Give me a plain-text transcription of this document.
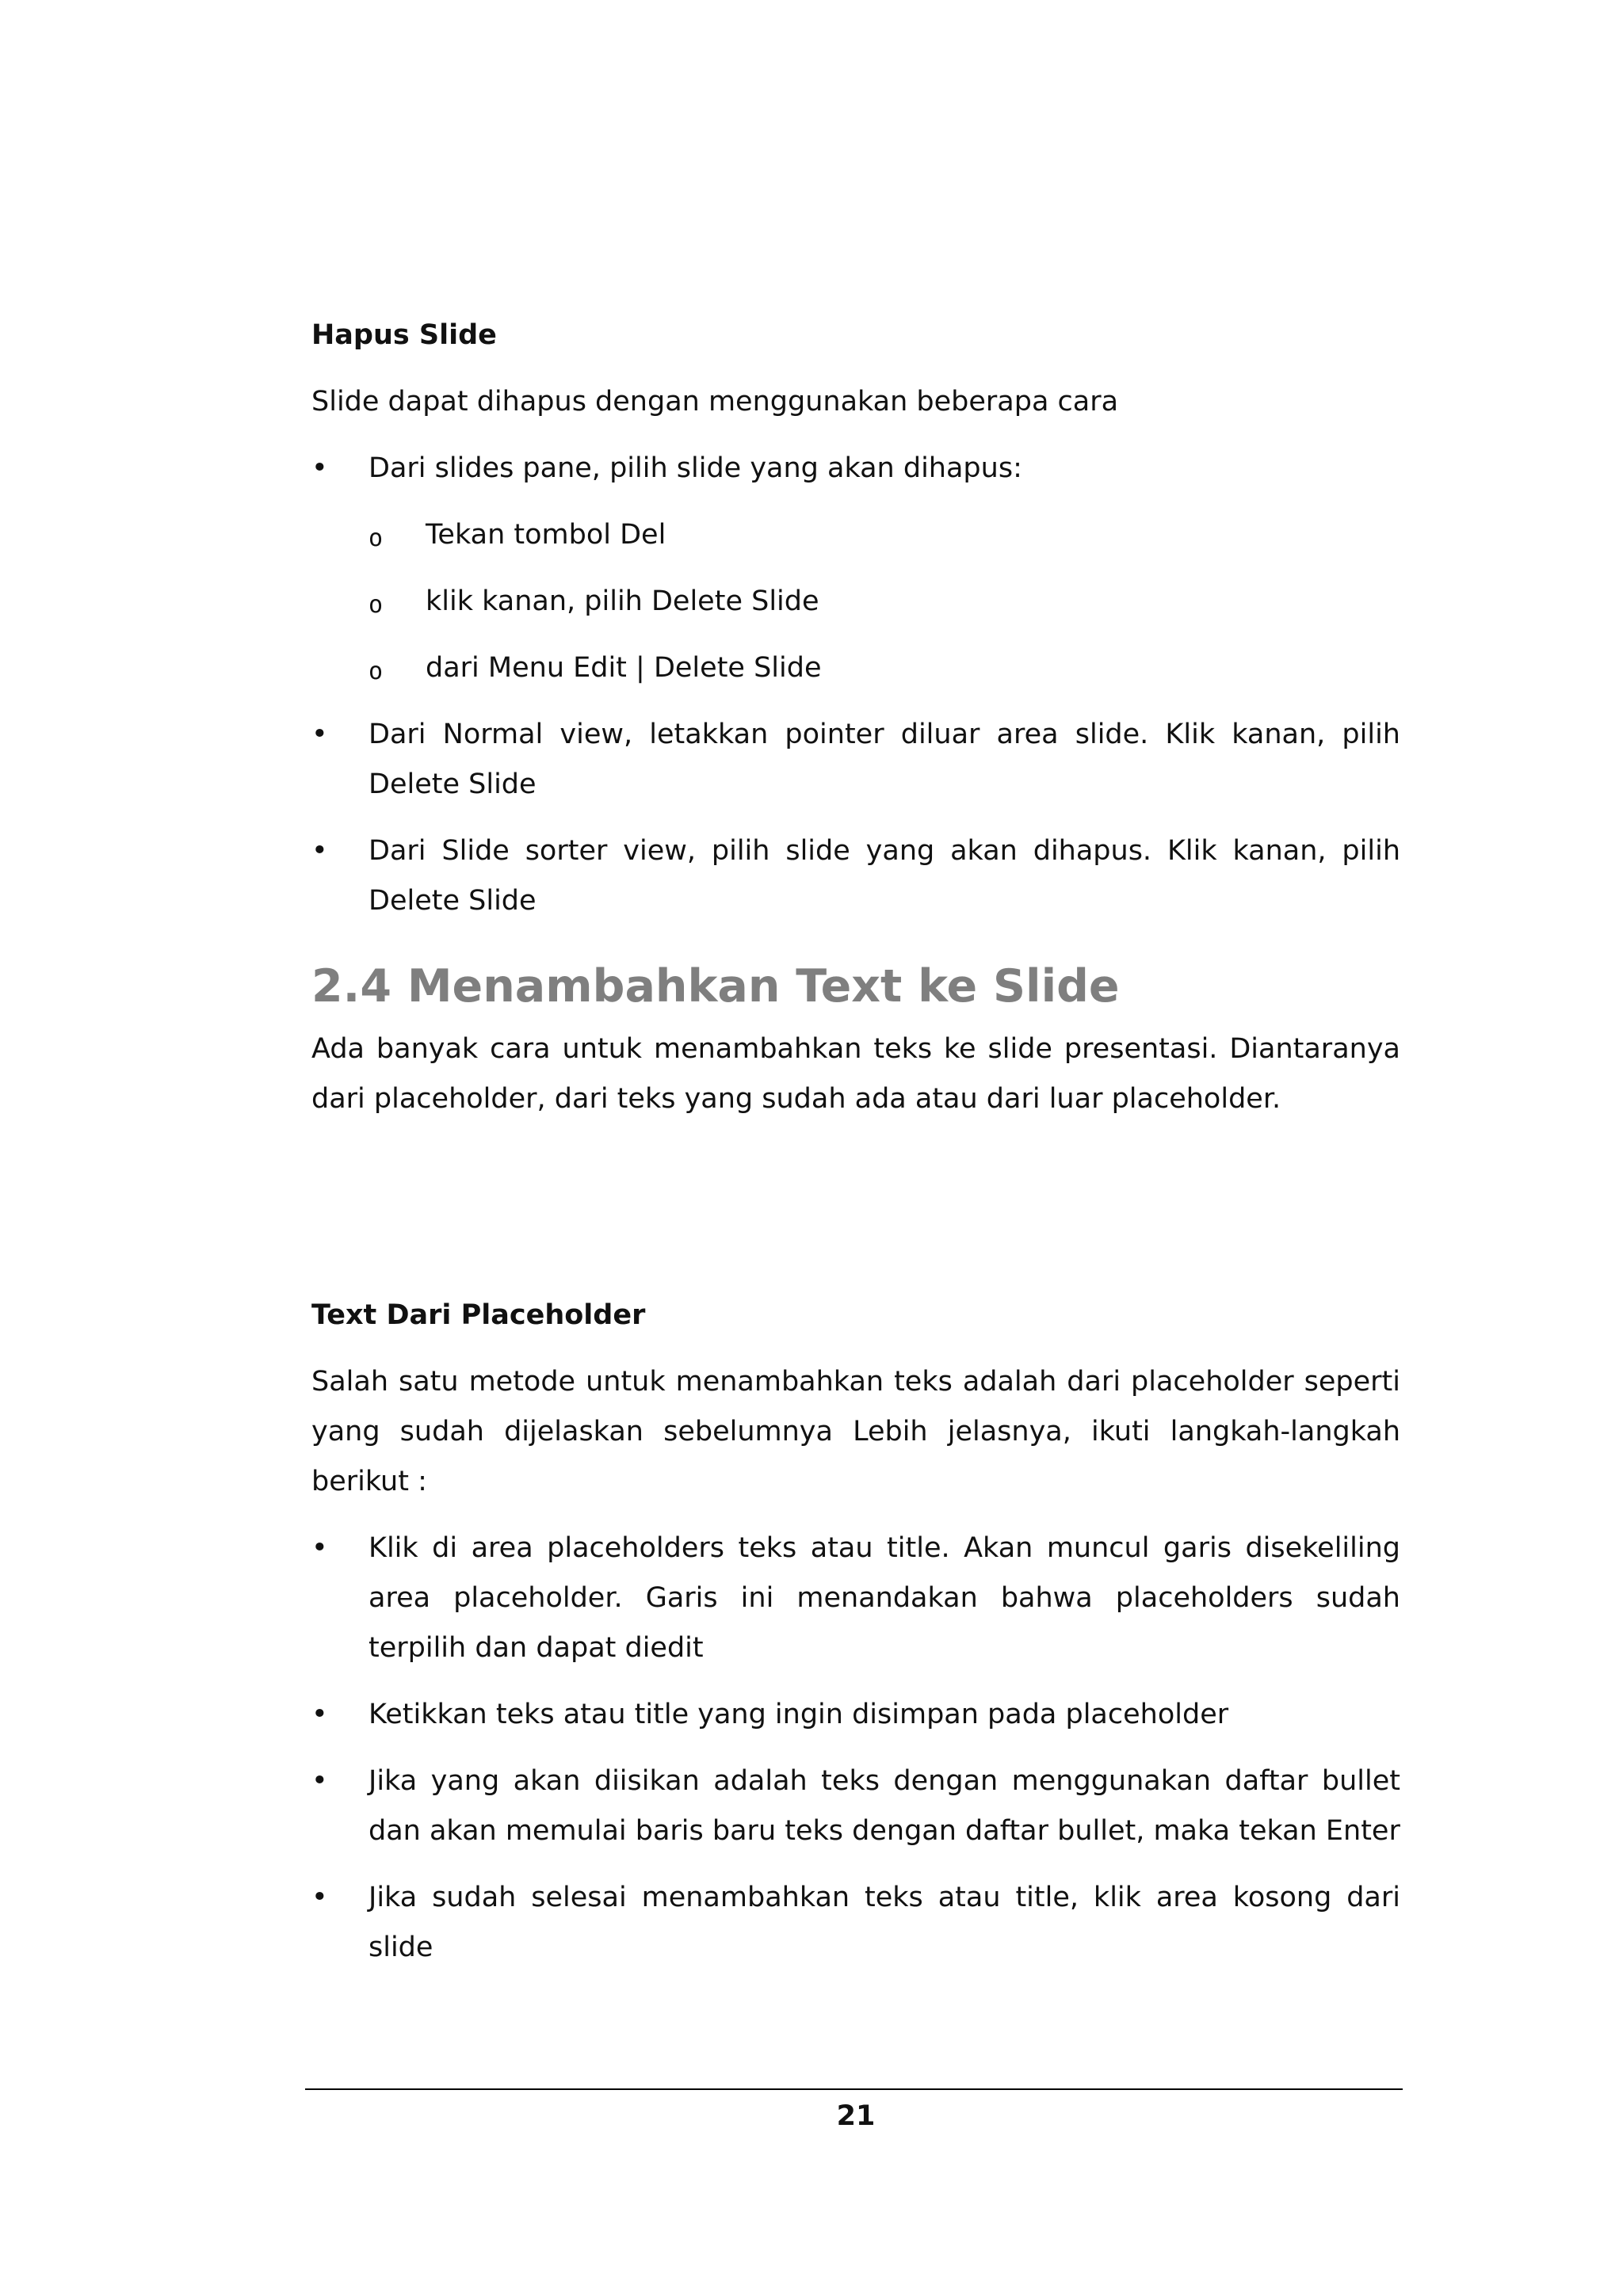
Hapus Slide

Slide dapat dihapus dengan menggunakan beberapa cara

• Dari slides pane, pilih slide yang akan dihapus:
o Tekan tombol Del
o klik kanan, pilih Delete Slide
o dari Menu Edit | Delete Slide
• Dari Normal view, letakkan pointer diluar area slide. Klik kanan, pilih Delete Slide
• Dari Slide sorter view, pilih slide yang akan dihapus. Klik kanan, pilih Delete Slide
2.4 Menambahkan Text ke Slide

Ada banyak cara untuk menambahkan teks ke slide presentasi. Diantaranya dari placeholder, dari teks yang sudah ada atau dari luar placeholder.

Text Dari Placeholder

Salah satu metode untuk menambahkan teks adalah dari placeholder seperti yang sudah dijelaskan sebelumnya Lebih jelasnya, ikuti langkah-langkah berikut :

• Klik di area placeholders teks atau title. Akan muncul garis disekeliling area placeholder. Garis ini menandakan bahwa placeholders sudah terpilih dan dapat diedit
• Ketikkan teks atau title yang ingin disimpan pada placeholder
• Jika yang akan diisikan adalah teks dengan menggunakan daftar bullet dan akan memulai baris baru teks dengan daftar bullet, maka tekan Enter
• Jika sudah selesai menambahkan teks atau title, klik area kosong dari slide
21
